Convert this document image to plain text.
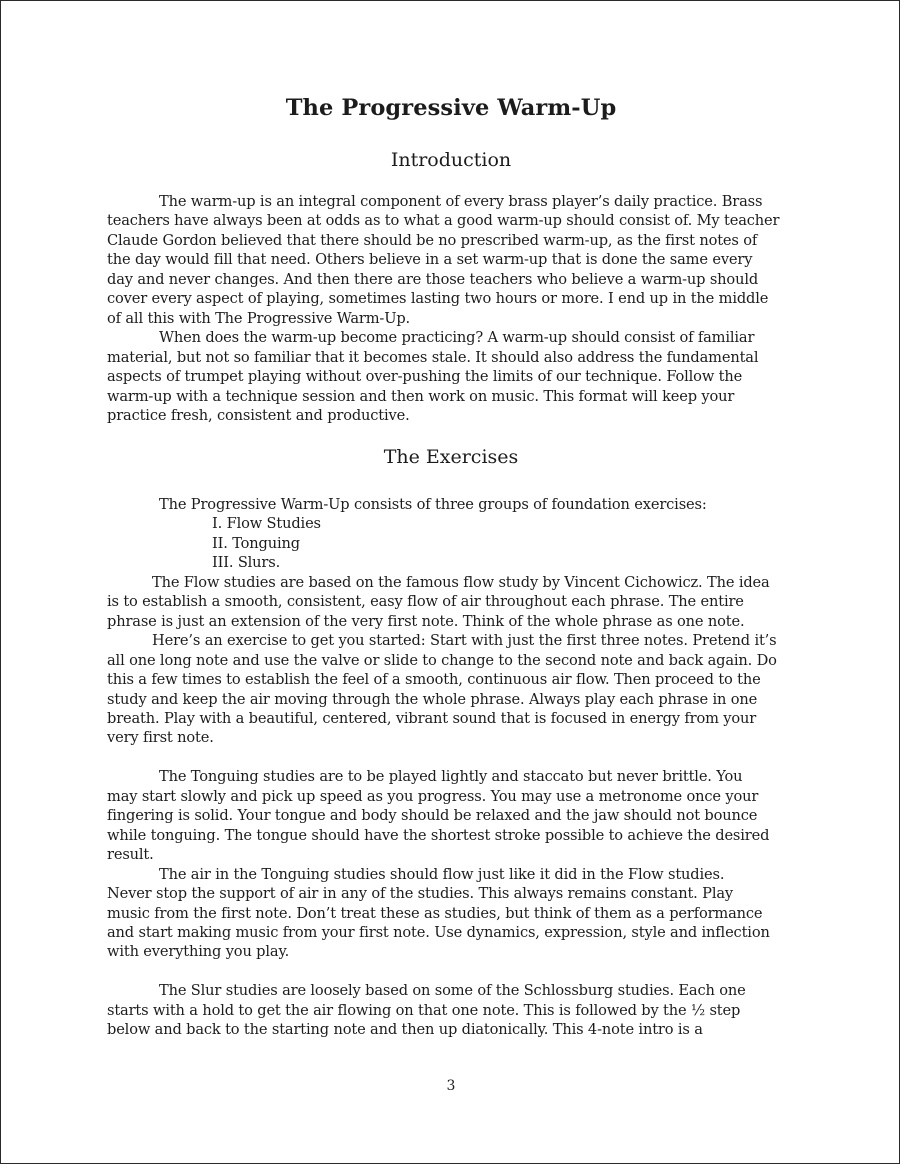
The Progressive Warm-Up
Introduction

The warm-up is an integral component of every brass player’s daily practice. Brass

teachers have always been at odds as to what a good warm-up should consist of. My teacher

Claude Gordon believed that there should be no prescribed warm-up, as the first notes of

the day would fill that need. Others believe in a set warm-up that is done the same every

day and never changes. And then there are those teachers who believe a warm-up should

cover every aspect of playing, sometimes lasting two hours or more. I end up in the middle

of all this with The Progressive Warm-Up.

When does the warm-up become practicing? A warm-up should consist of familiar

material, but not so familiar that it becomes stale. It should also address the fundamental

aspects of trumpet playing without over-pushing the limits of our technique. Follow the

warm-up with a technique session and then work on music. This format will keep your

practice fresh, consistent and productive.

The Exercises

The Progressive Warm-Up consists of three groups of foundation exercises:

I. Flow Studies

II. Tonguing

III. Slurs.

The Flow studies are based on the famous flow study by Vincent Cichowicz. The idea

is to establish a smooth, consistent, easy flow of air throughout each phrase. The entire

phrase is just an extension of the very first note. Think of the whole phrase as one note.

Here’s an exercise to get you started: Start with just the first three notes. Pretend it’s

all one long note and use the valve or slide to change to the second note and back again. Do

this a few times to establish the feel of a smooth, continuous air flow. Then proceed to the

study and keep the air moving through the whole phrase. Always play each phrase in one

breath. Play with a beautiful, centered, vibrant sound that is focused in energy from your

very first note.

The Tonguing studies are to be played lightly and staccato but never brittle. You

may start slowly and pick up speed as you progress. You may use a metronome once your

fingering is solid. Your tongue and body should be relaxed and the jaw should not bounce

while tonguing. The tongue should have the shortest stroke possible to achieve the desired

result.

The air in the Tonguing studies should flow just like it did in the Flow studies.

Never stop the support of air in any of the studies. This always remains constant. Play

music from the first note. Don’t treat these as studies, but think of them as a performance

and start making music from your first note. Use dynamics, expression, style and inflection

with everything you play.

The Slur studies are loosely based on some of the Schlossburg studies. Each one

starts with a hold to get the air flowing on that one note. This is followed by the ½ step

below and back to the starting note and then up diatonically. This 4-note intro is a

3
